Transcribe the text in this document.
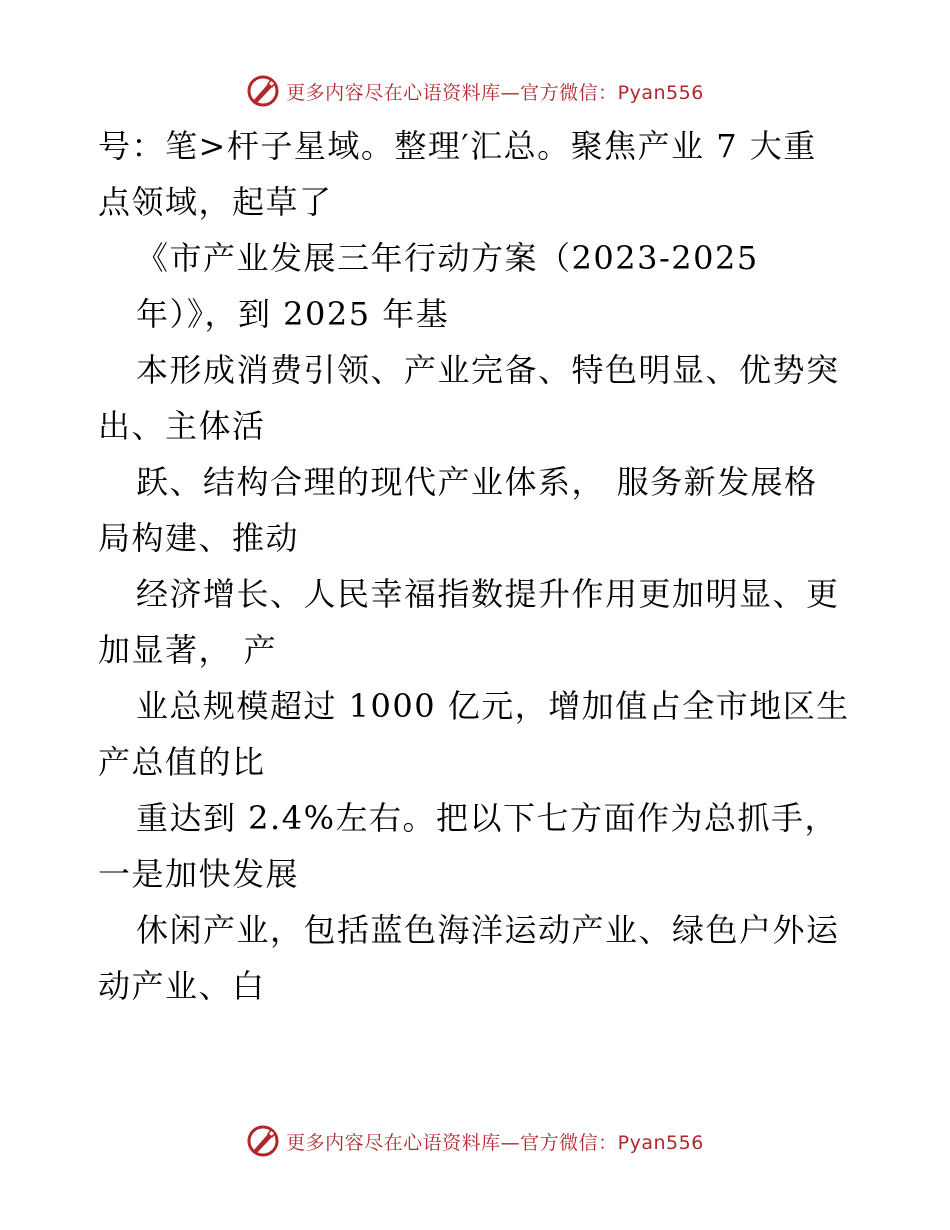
更多内容尽在心语资料库—官方微信：Pyan556
号：笔>杆子星域。整理′汇总。聚焦产业 7 大重
点领域，起草了
《市产业发展三年行动方案（2023-2025
年）》，到 2025 年基
本形成消费引领、产业完备、特色明显、优势突
出、主体活
跃、结构合理的现代产业体系， 服务新发展格
局构建、推动
经济增长、人民幸福指数提升作用更加明显、更
加显著， 产
业总规模超过 1000 亿元，增加值占全市地区生
产总值的比
重达到 2.4%左右。把以下七方面作为总抓手，
一是加快发展
休闲产业，包括蓝色海洋运动产业、绿色户外运
动产业、白
更多内容尽在心语资料库—官方微信：Pyan556
